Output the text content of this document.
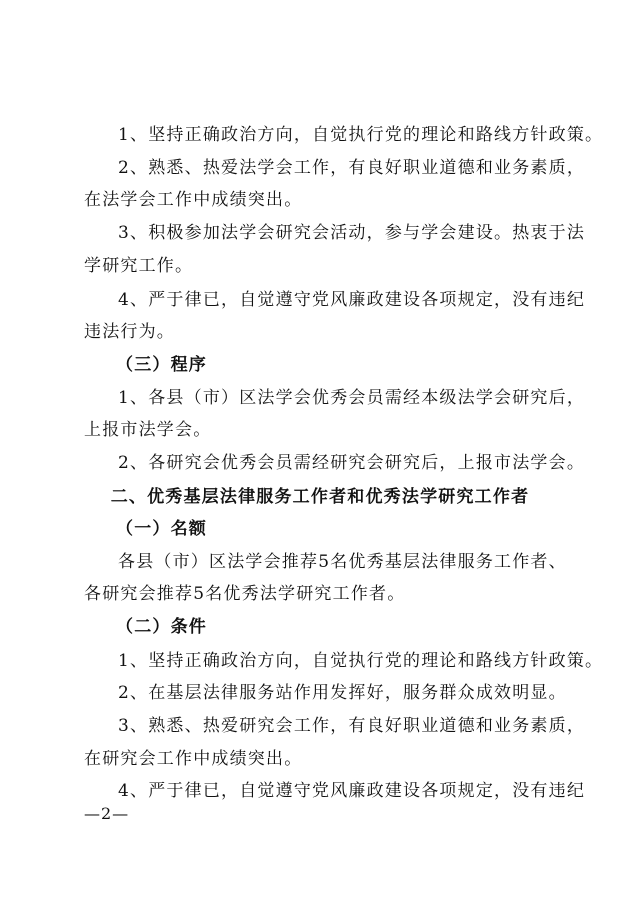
1、坚持正确政治方向，自觉执行党的理论和路线方针政策。
2、熟悉、热爱法学会工作，有良好职业道德和业务素质，
在法学会工作中成绩突出。
3、积极参加法学会研究会活动，参与学会建设。热衷于法
学研究工作。
4、严于律已，自觉遵守党风廉政建设各项规定，没有违纪
违法行为。
（三）程序
1、各县（市）区法学会优秀会员需经本级法学会研究后，
上报市法学会。
2、各研究会优秀会员需经研究会研究后，上报市法学会。
二、优秀基层法律服务工作者和优秀法学研究工作者
（一）名额
各县（市）区法学会推荐5名优秀基层法律服务工作者、
各研究会推荐5名优秀法学研究工作者。
（二）条件
1、坚持正确政治方向，自觉执行党的理论和路线方针政策。
2、在基层法律服务站作用发挥好，服务群众成效明显。
3、熟悉、热爱研究会工作，有良好职业道德和业务素质，
在研究会工作中成绩突出。
4、严于律已，自觉遵守党风廉政建设各项规定，没有违纪
—2—
